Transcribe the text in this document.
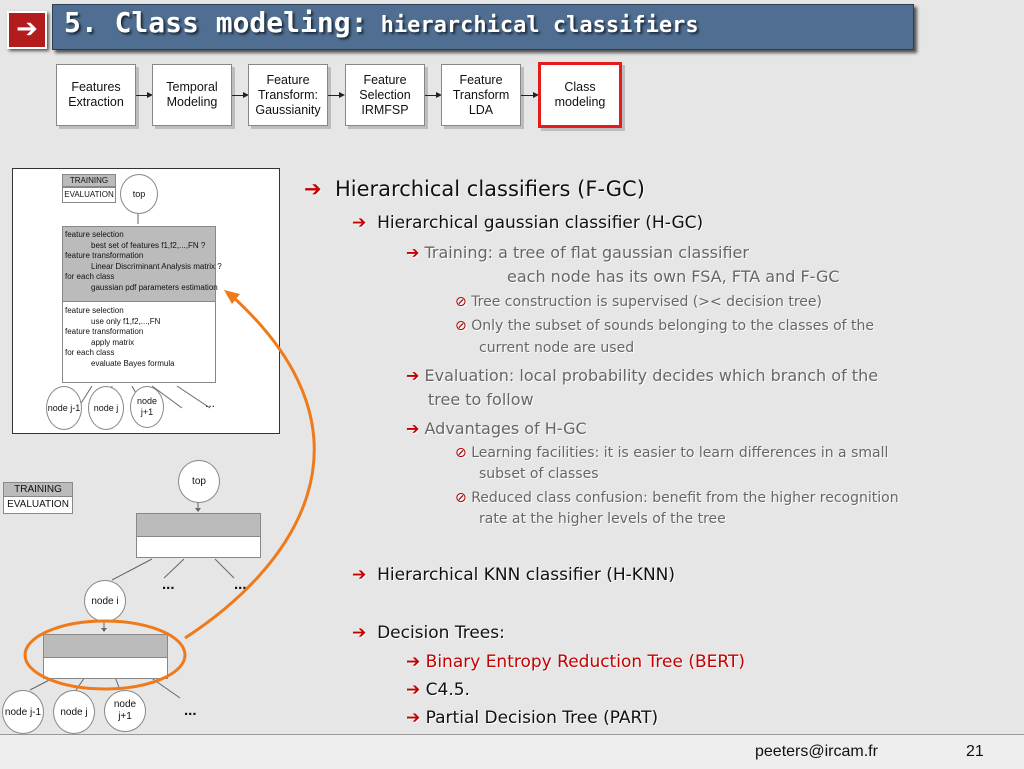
➔ 5. Class modeling: hierarchical classifiers
Features Extraction
Temporal Modeling
Feature Transform: Gaussianity
Feature Selection IRMFSP
Feature Transform LDA
Class modeling
TRAINING
EVALUATION top
feature selection
best set of features f1,f2,...,FN ?
feature transformation
Linear Discriminant Analysis matrix ?
for each class
gaussian pdf parameters estimation
feature selection
use only f1,f2,...,FN
feature transformation
apply matrix
for each class
evaluate Bayes formula
node j-1 node j
node j+1
...
TRAINING
EVALUATION
top
...	...
node i
node j-1 node j
node j+1	...
➔ Hierarchical classifiers (F-GC)
➔ Hierarchical gaussian classifier (H-GC)
➔ Training: a tree of flat gaussian classifier
each node has its own FSA, FTA and F-GC
⊘ Tree construction is supervised (>< decision tree)
⊘ Only the subset of sounds belonging to the classes of the
current node are used
➔ Evaluation: local probability decides which branch of the
tree to follow
➔ Advantages of H-GC
⊘ Learning facilities: it is easier to learn differences in a small
subset of classes
⊘ Reduced class confusion: benefit from the higher recognition
rate at the higher levels of the tree
➔ Hierarchical KNN classifier (H-KNN)
➔ Decision Trees:
➔ Binary Entropy Reduction Tree (BERT)
➔ C4.5.
➔ Partial Decision Tree (PART)
peeters@ircam.fr	21
